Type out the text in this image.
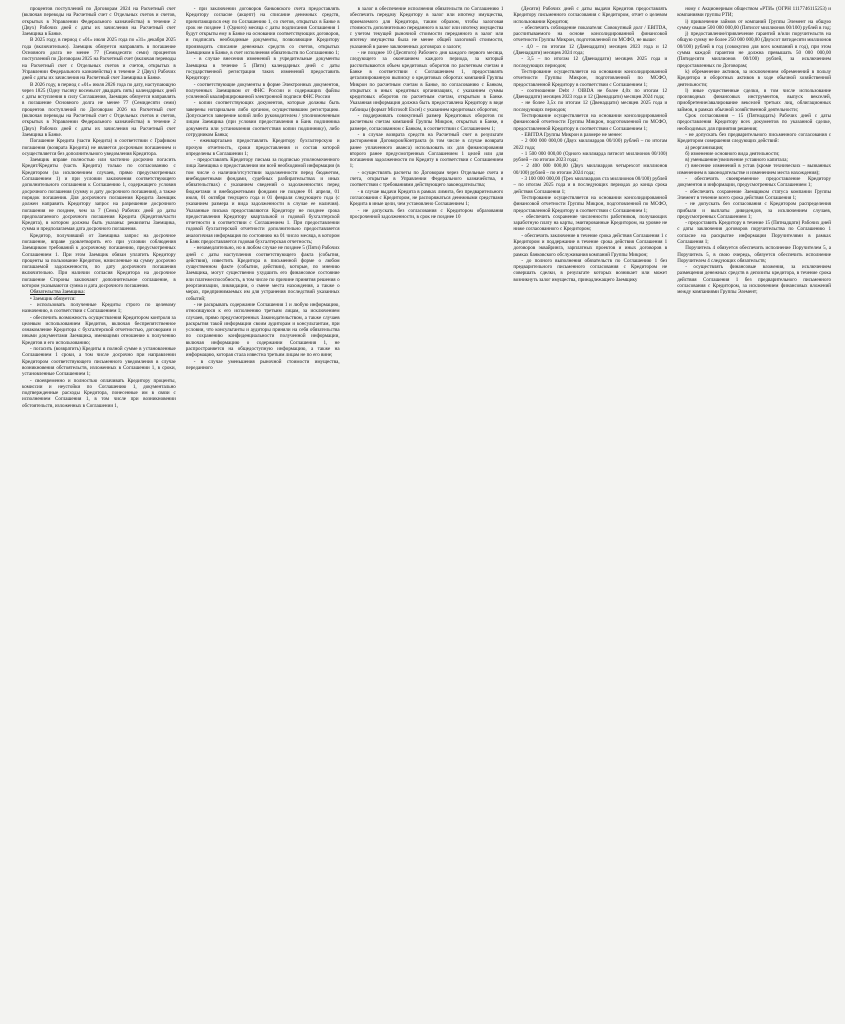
процентов поступлений по Договорам 2024 на Расчетный счет (включая переводы на Расчетный счет с Отдельных счетов и счетов, открытых в Управлении Федерального казначейства) в течение 2 (Двух) Рабочих дней с даты их зачисления на Расчетный счет Заемщика в Банке.

В 2025 году, в период с «01» июля 2025 года по «31» декабря 2025 года (включительно). Заемщик обязуется направлять в погашение Основного долга не менее 77 (Семидесяти семи) процентов поступлений по Договорам 2025 на Расчетный счет (включая переводы на Расчетный счет с Отдельных счетов и счетов, открытых в Управлении Федерального казначейства) в течение 2 (Двух) Рабочих дней с даты их зачисления на Расчетный счет Заемщика в Банке.

В 2026 году, в период с «01» июля 2026 года по дату, наступающую через 1825 (Одну тысячу восемьсот двадцать пять) календарных дней с даты вступления в силу Соглашения, Заемщик обязуется направлять в погашение Основного долга не менее 77 (Семидесяти семи) процентов поступлений по Договорам 2026 на Расчетный счет (включая переводы на Расчетный счет с Отдельных счетов и счетов, открытых в Управлении Федерального казначейства) в течение 2 (Двух) Рабочих дней с даты их зачисления на Расчетный счет Заемщика в Банке.

Погашение Кредита (части Кредита) в соответствии с Графиком погашения (возврата Кредита) не является досрочным погашением и осуществляется без дополнительного уведомления Кредитора.

Заемщик вправе полностью или частично досрочно погасить Кредит/Кредиты (часть Кредита) только по согласованию с Кредитором (за исключением случаев, прямо предусмотренных Соглашением 1) и при условии заключения соответствующего дополнительного соглашения к Соглашению 1, содержащего условия досрочного погашения (сумму и дату досрочного погашения), а также порядок погашения. Для досрочного погашения Кредита Заемщик должен направить Кредитору запрос на разрешение досрочного погашения не позднее, чем за 7 (Семь) Рабочих дней до даты предполагаемого досрочного погашения Кредита (Кредитов/части Кредита), в котором должны быть указаны: реквизиты Заемщика, сумма и предполагаемая дата досрочного погашения.

Кредитор, получивший от Заемщика запрос на досрочное погашение, вправе удовлетворить его при условии соблюдения Заемщиком требований к досрочному погашению, предусмотренных Соглашением 1. При этом Заемщик обязан уплатить Кредитору проценты за пользование Кредитом, начисленные на сумму досрочно погашаемой задолженности, по дату досрочного погашения включительно. При наличии согласия Кредитора на досрочное погашение Стороны заключают дополнительное соглашение, в котором указываются сумма и дата досрочного погашения.

Обязательства Заемщика:

• Заемщик обязуется:

- использовать полученные Кредиты строго по целевому назначению, в соответствии с Соглашением 1;

- обеспечить возможность осуществления Кредитором контроля за целевым использованием Кредитов, включая беспрепятственное ознакомление Кредитора с бухгалтерской отчетностью, договорами и иными документами Заемщика, имеющими отношение к получению Кредитов и его использованию;

- погасить (возвратить) Кредиты в полной сумме в установленные Соглашением 1 сроки, а том числе досрочно при направлении Кредитором соответствующего письменного уведомления в случае возникновения обстоятельств, изложенных в Соглашении 1, в сроки, установленные Соглашением 1;

- своевременно и полностью оплачивать Кредитору проценты, комиссии и неустойки по Соглашению 1, документально подтвержденные расходы Кредитора, понесенные им в связи с исполнением Соглашения 1, в том числе при возникновении обстоятельств, изложенных в Соглашении 1,

- при заключении договоров банковского счета предоставлять Кредитору согласие (акцепт) на списание денежных средств, причитающихся ему по Соглашению 1, со счетов, открытых в Банке в срок не позднее 1 (Одного) месяца с даты подписания Соглашения 1 будут открыты ему в Банке на основании соответствующих договоров, и подписать необходимые документы, позволяющие Кредитору производить списание денежных средств со счетов, открытых Заемщиком в Банке, в счет исполнения обязательств по Соглашению 1;

- в случае внесения изменений в учредительные документы Заемщика в течение 5 (Пяти) календарных дней с даты государственной регистрации таких изменений предоставить Кредитору:

- соответствующие документы в форме Электронных документов, полученных Заемщиком от ФНС России и содержащих файлы усиленной квалифицированной электронной подписи ФНС России

- копии соответствующих документов, которые должны быть заверены нотариально либо органом, осуществившим регистрацию. Допускается заверение копий либо руководителем / уполномоченным лицом Заемщика (при условии предоставления в Банк подлинника документа или установления соответствия копии подлиннику), либо сотрудником Банка;

- ежеквартально предоставлять Кредитору бухгалтерскую и прочую отчетность, сроки предоставления и состав которой определены в Соглашении 1;

- предоставлять Кредитору письма за подписью уполномоченного лица Заемщика о предоставлении им всей необходимой информации (в том числе о наличии/отсутствии задолженности перед бюджетом, внебюджетными фондами, судебных разбирательствах и иных обязательствах) с указанием сведений о задолженностях перед бюджетами и внебюджетными фондами не позднее 01 апреля, 01 июля, 01 октября текущего года и 01 февраля следующего года (с указанием размера и вида задолженности в случае ее наличия). Указанные письма предоставляются Кредитору не позднее срока предоставления Кредитору квартальной и годовой бухгалтерской отчетности в соответствии с Соглашением 1. При предоставлении годовой бухгалтерской отчетности дополнительно предоставляется аналогичная информация по состоянию на 01 число месяца, в котором в Банк предоставляется годовая бухгалтерская отчетность;

- незамедлительно, но в любом случае не позднее 5 (Пяти) Рабочих дней с даты наступления соответствующего факта (события, действия), известить Кредитора в письменной форме о любом существенном факте (событии, действии), которые, по мнению Заемщика, могут существенно ухудшить его финансовое состояние или платежеспособность, в том числе по причине принятия решения о реорганизации, ликвидации, о смене места нахождения, а также о мерах, предпринимаемых им для устранения последствий указанных событий;

- не раскрывать содержание Соглашения 1 и любую информацию, относящуюся к его исполнению третьим лицам, за исключением случаев, прямо предусмотренных Законодательством, а также случаев раскрытия такой информации своим аудиторам и консультантам, при условии, что консультанты и аудиторы приняли на себя обязательства по сохранению конфиденциальности полученной информации, включая информацию о содержании Соглашения 1, не распространяется на общедоступную информацию, а также на информацию, которая стала известна третьим лицам не по его вине;

- в случае уменьшения рыночной стоимости имущества, переданного

в залог в обеспечение исполнения обязательств по Соглашению 1 обеспечить передачу Кредитору в залог или ипотеку имущества, приемлемого для Кредитора, таким образом, чтобы залоговая стоимость дополнительно переданного в залог или ипотеку имущества с учетом текущей рыночной стоимости переданного в залог или ипотеку имущества была не менее общей залоговой стоимости, указанной в ранее заключенных договорах о залоге;

- не позднее 10 (Десятого) Рабочего дня каждого первого месяца, следующего за окончанием каждого периода, за который рассчитываются объем кредитовых оборотов по расчетным счетам в Банке в соответствии с Соглашением 1, предоставлять детализированную выписку о кредитовых оборотах компаний Группы Микрон по расчетным счетам в Банке, по согласованию с Банком, открытых в иных кредитных организациях, с указанием суммы кредитовых оборотов по расчетным счетам, открытым в Банке. Указанная информация должна быть предоставлена Кредитору в виде таблицы (формат Microsoft Excel) с указанием кредитовых оборотов;

- поддерживать совокупный размер Кредитовых оборотов по расчетным счетам компаний Группы Микрон, открытых в Банке, в размере, согласованном с Банком, в соответствии с Соглашением 1;

- в случае возврата средств на Расчетный счет в результате расторжения Договоров/Контракта (в том числе в случае возврата ранее уплаченного аванса) использовать их для финансирования второго ранее предусмотренных Соглашением 1 целей или для погашения задолженности по Кредиту в соответствии с Соглашением 1;

- осуществлять расчеты по Договорам через Отдельные счета и счета, открытые в Управлении Федерального казначейства, в соответствии с требованиями действующего законодательства;

- в случае выдачи Кредита в рамках лимита, без предварительного согласования с Кредитором, не распоряжаться денежными средствами Кредита в иные цели, чем установлено Соглашением 1;

- не допускать без согласования с Кредитором образования просроченной задолженности, в срок не позднее 10

(Десяти) Рабочих дней с даты выдачи Кредитов предоставлять Кредитору письменного согласования с Кредитором, отчет о целевом использовании Кредитов;

- обеспечить соблюдение показателя: Совокупный долг / EBITDA, рассчитываемого на основе консолидированной финансовой отчетности Группы Микрон, подготовленной по МСФО, не выше:

- 4,0 – по итогам 12 (Двенадцати) месяцев 2023 года и 12 (Двенадцати) месяцев 2024 года;

- 3,5 – по итогам 12 (Двенадцати) месяцев 2025 года и последующих периодов;

Тестирование осуществляется на основании консолидированной отчетности Группы Микрон, подготовленной по МСФО, предоставленной Кредитору в соответствии с Соглашением 1;

- соотношение Debt / OIBDA не более 4,0х по итогам 12 (Двенадцати) месяцев 2023 года и 12 (Двенадцати) месяцев 2024 года;

- не более 3,5х по итогам 12 (Двенадцати) месяцев 2025 года и последующих периодов;

Тестирование осуществляется на основании консолидированной финансовой отчетности Группы Микрон, подготовленной по МСФО, предоставленной Кредитору в соответствии с Соглашением 1;

- EBITDA Группы Микрон в размере не менее:

- 2 000 000 000,00 (Двух миллиардов 00/100) рублей – по итогам 2022 года;

- 1 500 000 000,00 (Одного миллиарда пятисот миллионов 00/100) рублей – по итогам 2023 года;

- 2 400 000 000,00 (Двух миллиардов четырехсот миллионов 00/100) рублей – по итогам 2024 года;

- 3 100 000 000,00 (Трех миллиардов ста миллионов 00/100) рублей – по итогам 2025 года и в последующих периодах до конца срока действия Соглашения 1;

Тестирование осуществляется на основании консолидированной финансовой отчетности Группы Микрон, подготовленной по МСФО, предоставленной Кредитору в соответствии с Соглашением 1;

- обеспечить сохранение численности работников, получающих заработную плату на карты, эмитированные Кредитором, на уровне не ниже согласованного с Кредитором;

- обеспечить заключение в течение срока действия Соглашения 1 с Кредитором и поддержание в течение срока действия Соглашения 1 договоров эквайринга, зарплатных проектов и иных договоров в рамках банковского обслуживания компаний Группы Микрон;

- до полного выполнения обязательств по Соглашению 1 без предварительного письменного согласования с Кредитором не совершать сделки, в результате которых возникает или может возникнуть залог имущества, принадлежащего Заемщику

ному с Акционерным обществом «РТИ» (ОГРН 1117746115253) и компаниями группы РТИ;

i) привлечение займов от компаний Группы Элемент на общую сумму свыше 500 000 000,00 (Пятисот миллионов 00/100) рублей в год;

j) предоставление/привлечение гарантий и/или поручительств на общую сумму не более 250 000 000,00 (Двухсот пятидесяти миллионов 00/100) рублей в год (совокупно для всех компаний в год), при этом сумма каждой гарантии не должна превышать 50 000 000,00 (Пятидесяти миллионов 00/100) рублей, за исключением предоставленных по Договорам;

k) обременение активов, за исключением обременений в пользу Кредитора и оборотных активов в ходе обычной хозяйственной деятельности;

l) иные существенные сделки, в том числе использование производных финансовых инструментов, выпуск векселей, приобретение/авалирование векселей третьих лиц, облигационных займов, в рамках обычной хозяйственной деятельности;

Срок согласования – 15 (Пятнадцать) Рабочих дней с даты предоставления Кредитору всех документов по указанной сделке, необходимых для принятия решения;

- не допускать без предварительного письменного согласования с Кредитором совершения следующих действий:

а) реорганизация;

б) изменение основного вида деятельности;

в) уменьшение/увеличение уставного капитала;

г) внесение изменений в устав (кроме технических – вызванных изменением в законодательстве и изменением места нахождения);

- обеспечить своевременное предоставление Кредитору документов и информации, предусмотренных Соглашением 1;

- обеспечить сохранение Заемщиком статуса компании Группы Элемент в течение всего срока действия Соглашения 1;

- не допускать без согласования с Кредитором распределения прибыли и выплаты дивидендов, за исключением случаев, предусмотренных Соглашением 1;

- предоставить Кредитору в течение 15 (Пятнадцати) Рабочих дней с даты заключения договоров поручительства по Соглашению 1 согласие на раскрытие информации Поручителями в рамках Соглашения 1;

Поручитель 4 обязуется обеспечить исполнение Поручителем 5, а Поручитель 5, в свою очередь, обязуется обеспечить исполнение Поручителем 4 следующих обязательств;

- осуществлять финансовые вложения, за исключением размещения денежных средств в депозиты кредитора, в течение срока действия Соглашения 1 без предварительного письменного согласования с Кредитором, за исключением финансовых вложений между компаниями Группы Элемент;
